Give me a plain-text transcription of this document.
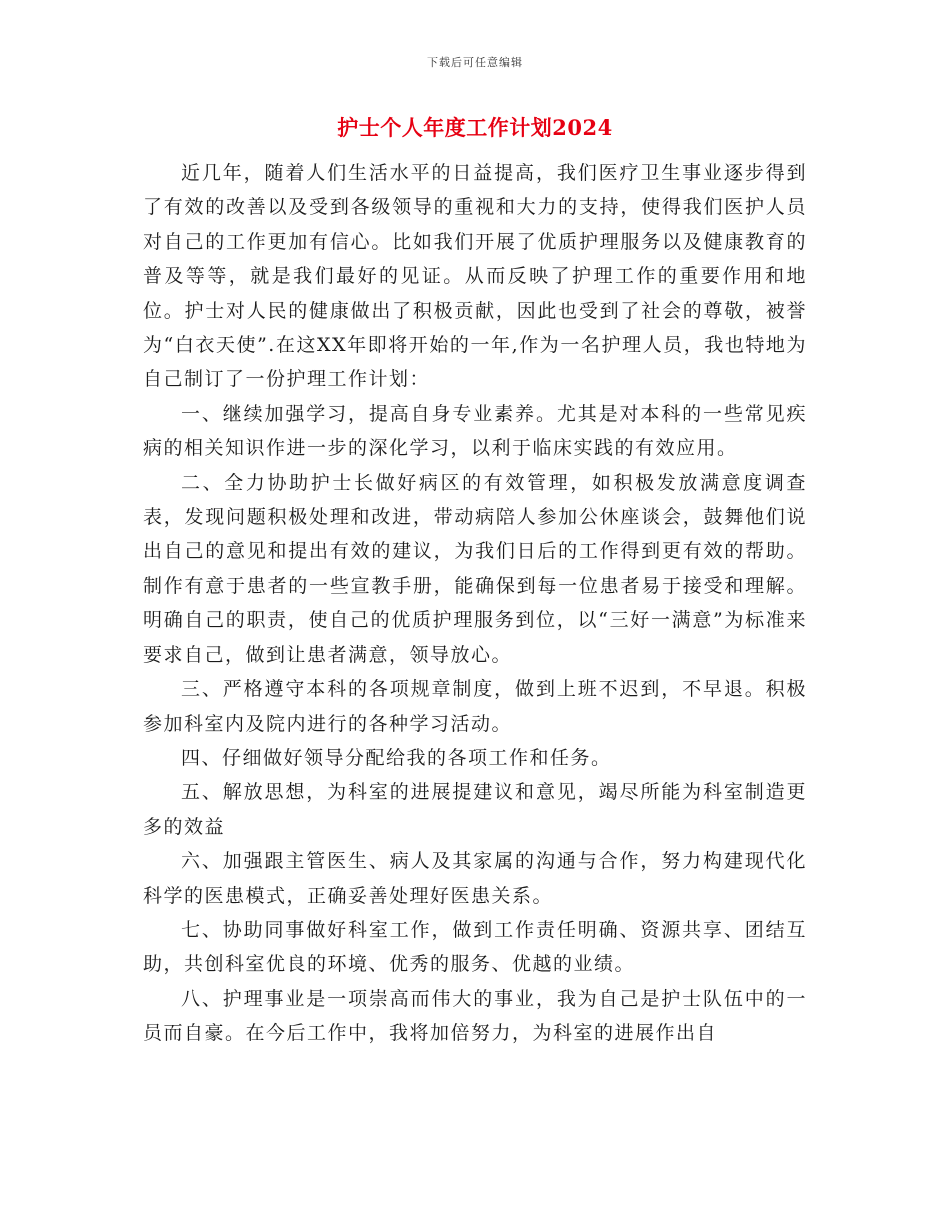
下载后可任意编辑
护士个人年度工作计划2024

近几年，随着人们生活水平的日益提高，我们医疗卫生事业逐步得到了有效的改善以及受到各级领导的重视和大力的支持，使得我们医护人员对自己的工作更加有信心。比如我们开展了优质护理服务以及健康教育的普及等等，就是我们最好的见证。从而反映了护理工作的重要作用和地位。护士对人民的健康做出了积极贡献，因此也受到了社会的尊敬，被誉为“白衣天使”.在这XX年即将开始的一年,作为一名护理人员，我也特地为自己制订了一份护理工作计划：

一、继续加强学习，提高自身专业素养。尤其是对本科的一些常见疾病的相关知识作进一步的深化学习，以利于临床实践的有效应用。

二、全力协助护士长做好病区的有效管理，如积极发放满意度调查表，发现问题积极处理和改进，带动病陪人参加公休座谈会，鼓舞他们说出自己的意见和提出有效的建议，为我们日后的工作得到更有效的帮助。制作有意于患者的一些宣教手册，能确保到每一位患者易于接受和理解。明确自己的职责，使自己的优质护理服务到位，以“三好一满意”为标准来要求自己，做到让患者满意，领导放心。

三、严格遵守本科的各项规章制度，做到上班不迟到，不早退。积极参加科室内及院内进行的各种学习活动。

四、仔细做好领导分配给我的各项工作和任务。

五、解放思想，为科室的进展提建议和意见，竭尽所能为科室制造更多的效益

六、加强跟主管医生、病人及其家属的沟通与合作，努力构建现代化科学的医患模式，正确妥善处理好医患关系。

七、协助同事做好科室工作，做到工作责任明确、资源共享、团结互助，共创科室优良的环境、优秀的服务、优越的业绩。

八、护理事业是一项崇高而伟大的事业，我为自己是护士队伍中的一员而自豪。在今后工作中，我将加倍努力，为科室的进展作出自
